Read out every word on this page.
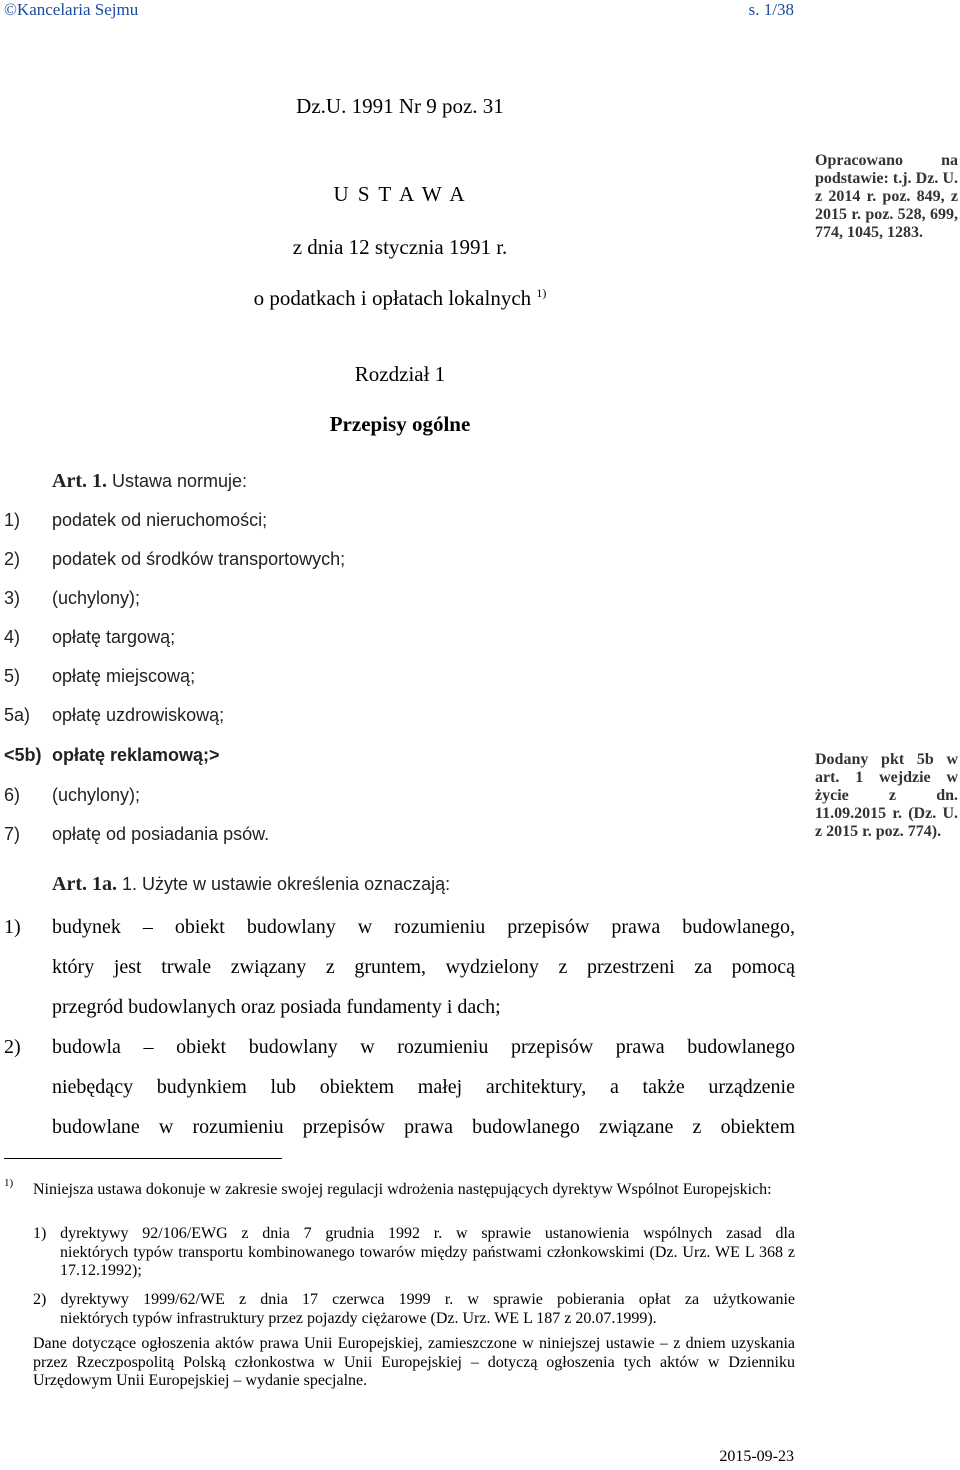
©Kancelaria Sejmu	s. 1/38
Dz.U. 1991 Nr 9 poz. 31
U S T A W A
z dnia 12 stycznia 1991 r.
o podatkach i opłatach lokalnych $^{1)}$
Opracowano na podstawie: t.j. Dz. U. z 2014 r. poz. 849, z 2015 r. poz. 528, 699, 774, 1045, 1283.
Dodany pkt 5b w art. 1 wejdzie w życie z dn. 11.09.2015 r. (Dz. U. z 2015 r. poz. 774).
Rozdział 1
Przepisy ogólne
Art. 1. Ustawa normuje:
1) podatek od nieruchomości;
2) podatek od środków transportowych;
3) (uchylony);
4) opłatę targową;
5) opłatę miejscową;
5a) opłatę uzdrowiskową;
<5b) opłatę reklamową;>
6) (uchylony);
7) opłatę od posiadania psów.
Art. 1a. 1. Użyte w ustawie określenia oznaczają:
1) budynek – obiekt budowlany w rozumieniu przepisów prawa budowlanego,
który jest trwale związany z gruntem, wydzielony z przestrzeni za pomocą
przegród budowlanych oraz posiada fundamenty i dach;
2) budowla – obiekt budowlany w rozumieniu przepisów prawa budowlanego
niebędący budynkiem lub obiektem małej architektury, a także urządzenie
budowlane w rozumieniu przepisów prawa budowlanego związane z obiektem
1) Niniejsza ustawa dokonuje w zakresie swojej regulacji wdrożenia następujących dyrektyw Wspólnot Europejskich:
1) dyrektywy 92/106/EWG z dnia 7 grudnia 1992 r. w sprawie ustanowienia wspólnych zasad dla
niektórych typów transportu kombinowanego towarów między państwami członkowskimi (Dz. Urz. WE L 368 z 17.12.1992);
2) dyrektywy 1999/62/WE z dnia 17 czerwca 1999 r. w sprawie pobierania opłat za użytkowanie
niektórych typów infrastruktury przez pojazdy ciężarowe (Dz. Urz. WE L 187 z 20.07.1999).
Dane dotyczące ogłoszenia aktów prawa Unii Europejskiej, zamieszczone w niniejszej ustawie – z dniem uzyskania przez Rzeczpospolitą Polską członkostwa w Unii Europejskiej – dotyczą ogłoszenia tych aktów w Dzienniku Urzędowym Unii Europejskiej – wydanie specjalne.
2015-09-23
